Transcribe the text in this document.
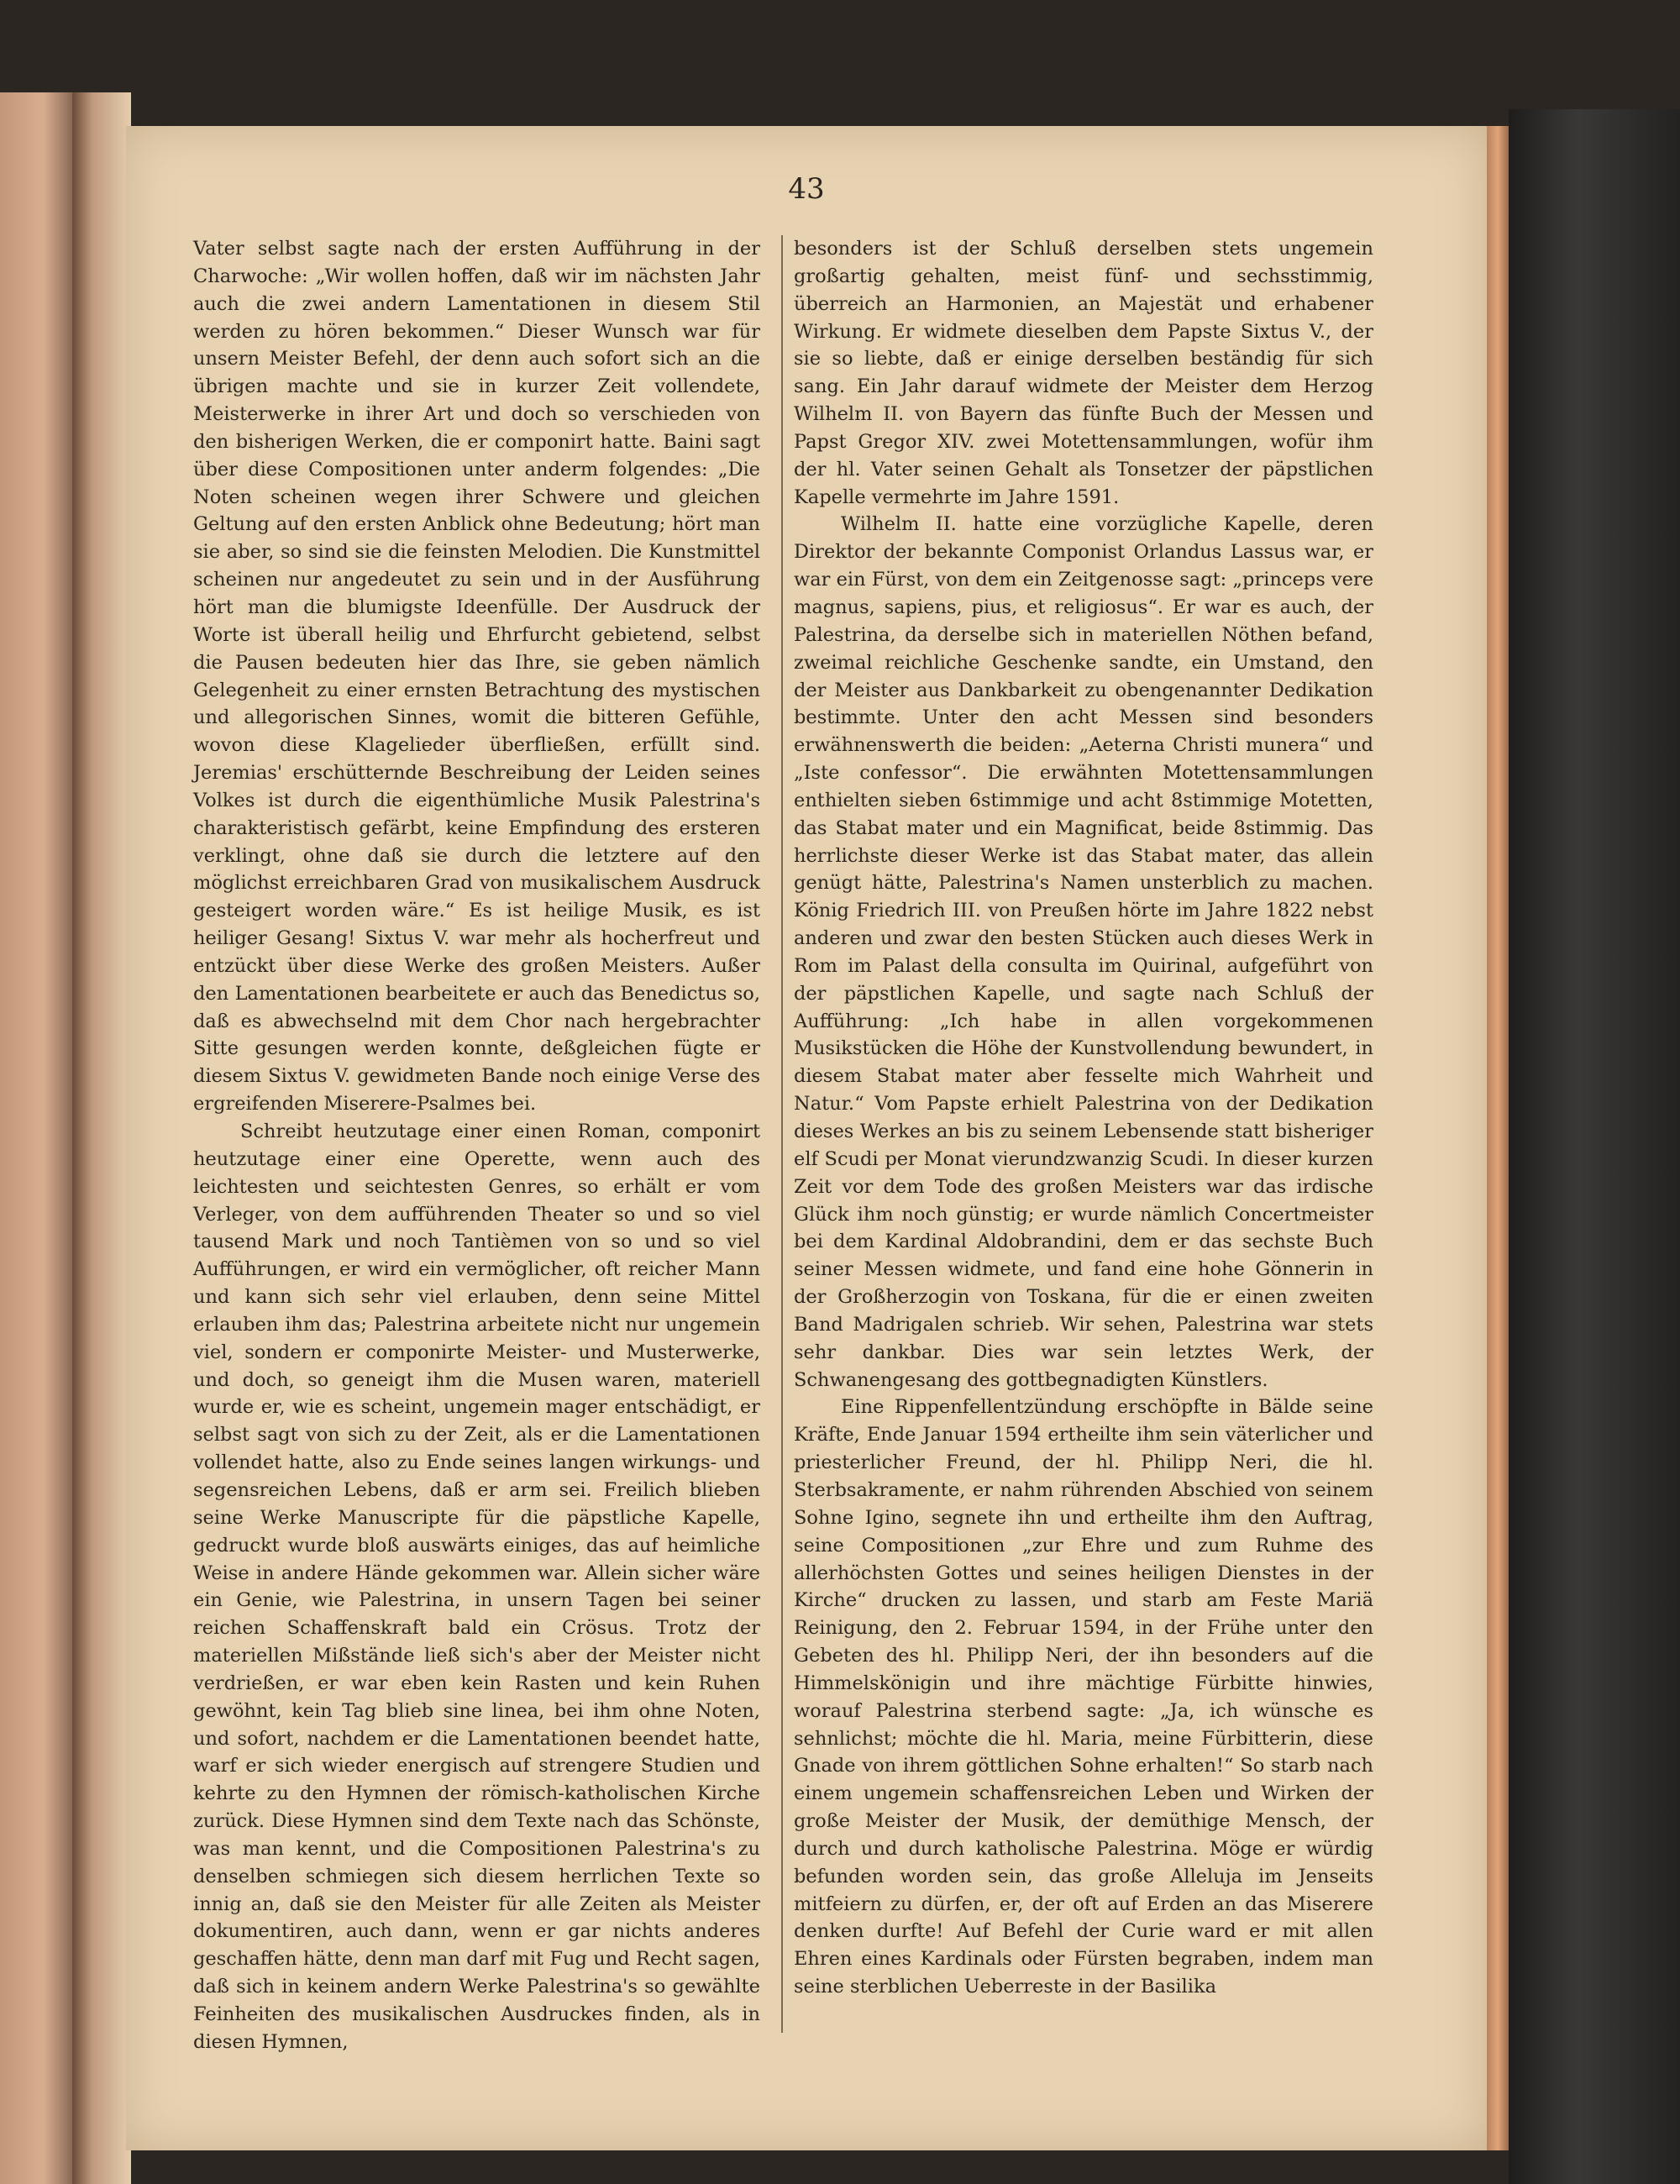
43

Vater selbst sagte nach der ersten Aufführung in der Charwoche: „Wir wollen hoffen, daß wir im nächsten Jahr auch die zwei andern Lamentationen in diesem Stil werden zu hören bekommen.“ Dieser Wunsch war für unsern Meister Befehl, der denn auch sofort sich an die übrigen machte und sie in kurzer Zeit vollendete, Meisterwerke in ihrer Art und doch so verschieden von den bisherigen Werken, die er componirt hatte. Baini sagt über diese Compositionen unter anderm folgendes: „Die Noten scheinen wegen ihrer Schwere und gleichen Geltung auf den ersten Anblick ohne Bedeutung; hört man sie aber, so sind sie die feinsten Melodien. Die Kunstmittel scheinen nur angedeutet zu sein und in der Ausführung hört man die blumigste Ideenfülle. Der Ausdruck der Worte ist überall heilig und Ehrfurcht gebietend, selbst die Pausen bedeuten hier das Ihre, sie geben nämlich Gelegenheit zu einer ernsten Betrachtung des mystischen und allegorischen Sinnes, womit die bitteren Gefühle, wovon diese Klagelieder überfließen, erfüllt sind. Jeremias' erschütternde Beschreibung der Leiden seines Volkes ist durch die eigenthümliche Musik Palestrina's charakteristisch gefärbt, keine Empfindung des ersteren verklingt, ohne daß sie durch die letztere auf den möglichst erreichbaren Grad von musikalischem Ausdruck gesteigert worden wäre.“ Es ist heilige Musik, es ist heiliger Gesang! Sixtus V. war mehr als hocherfreut und entzückt über diese Werke des großen Meisters. Außer den Lamentationen bearbeitete er auch das Benedictus so, daß es abwechselnd mit dem Chor nach hergebrachter Sitte gesungen werden konnte, deßgleichen fügte er diesem Sixtus V. gewidmeten Bande noch einige Verse des ergreifenden Miserere-Psalmes bei.

Schreibt heutzutage einer einen Roman, componirt heutzutage einer eine Operette, wenn auch des leichtesten und seichtesten Genres, so erhält er vom Verleger, von dem aufführenden Theater so und so viel tausend Mark und noch Tantièmen von so und so viel Aufführungen, er wird ein vermöglicher, oft reicher Mann und kann sich sehr viel erlauben, denn seine Mittel erlauben ihm das; Palestrina arbeitete nicht nur ungemein viel, sondern er componirte Meister- und Musterwerke, und doch, so geneigt ihm die Musen waren, materiell wurde er, wie es scheint, ungemein mager entschädigt, er selbst sagt von sich zu der Zeit, als er die Lamentationen vollendet hatte, also zu Ende seines langen wirkungs- und segensreichen Lebens, daß er arm sei. Freilich blieben seine Werke Manuscripte für die päpstliche Kapelle, gedruckt wurde bloß auswärts einiges, das auf heimliche Weise in andere Hände gekommen war. Allein sicher wäre ein Genie, wie Palestrina, in unsern Tagen bei seiner reichen Schaffenskraft bald ein Crösus. Trotz der materiellen Mißstände ließ sich's aber der Meister nicht verdrießen, er war eben kein Rasten und kein Ruhen gewöhnt, kein Tag blieb sine linea, bei ihm ohne Noten, und sofort, nachdem er die Lamentationen beendet hatte, warf er sich wieder energisch auf strengere Studien und kehrte zu den Hymnen der römisch-katholischen Kirche zurück. Diese Hymnen sind dem Texte nach das Schönste, was man kennt, und die Compositionen Palestrina's zu denselben schmiegen sich diesem herrlichen Texte so innig an, daß sie den Meister für alle Zeiten als Meister dokumentiren, auch dann, wenn er gar nichts anderes geschaffen hätte, denn man darf mit Fug und Recht sagen, daß sich in keinem andern Werke Palestrina's so gewählte Feinheiten des musikalischen Ausdruckes finden, als in diesen Hymnen,

besonders ist der Schluß derselben stets ungemein großartig gehalten, meist fünf- und sechsstimmig, überreich an Harmonien, an Majestät und erhabener Wirkung. Er widmete dieselben dem Papste Sixtus V., der sie so liebte, daß er einige derselben beständig für sich sang. Ein Jahr darauf widmete der Meister dem Herzog Wilhelm II. von Bayern das fünfte Buch der Messen und Papst Gregor XIV. zwei Motettensammlungen, wofür ihm der hl. Vater seinen Gehalt als Tonsetzer der päpstlichen Kapelle vermehrte im Jahre 1591.

Wilhelm II. hatte eine vorzügliche Kapelle, deren Direktor der bekannte Componist Orlandus Lassus war, er war ein Fürst, von dem ein Zeitgenosse sagt: „princeps vere magnus, sapiens, pius, et religiosus“. Er war es auch, der Palestrina, da derselbe sich in materiellen Nöthen befand, zweimal reichliche Geschenke sandte, ein Umstand, den der Meister aus Dankbarkeit zu obengenannter Dedikation bestimmte. Unter den acht Messen sind besonders erwähnenswerth die beiden: „Aeterna Christi munera“ und „Iste confessor“. Die erwähnten Motettensammlungen enthielten sieben 6stimmige und acht 8stimmige Motetten, das Stabat mater und ein Magnificat, beide 8stimmig. Das herrlichste dieser Werke ist das Stabat mater, das allein genügt hätte, Palestrina's Namen unsterblich zu machen. König Friedrich III. von Preußen hörte im Jahre 1822 nebst anderen und zwar den besten Stücken auch dieses Werk in Rom im Palast della consulta im Quirinal, aufgeführt von der päpstlichen Kapelle, und sagte nach Schluß der Aufführung: „Ich habe in allen vorgekommenen Musikstücken die Höhe der Kunstvollendung bewundert, in diesem Stabat mater aber fesselte mich Wahrheit und Natur.“ Vom Papste erhielt Palestrina von der Dedikation dieses Werkes an bis zu seinem Lebensende statt bisheriger elf Scudi per Monat vierundzwanzig Scudi. In dieser kurzen Zeit vor dem Tode des großen Meisters war das irdische Glück ihm noch günstig; er wurde nämlich Concertmeister bei dem Kardinal Aldobrandini, dem er das sechste Buch seiner Messen widmete, und fand eine hohe Gönnerin in der Großherzogin von Toskana, für die er einen zweiten Band Madrigalen schrieb. Wir sehen, Palestrina war stets sehr dankbar. Dies war sein letztes Werk, der Schwanengesang des gottbegnadigten Künstlers.

Eine Rippenfellentzündung erschöpfte in Bälde seine Kräfte, Ende Januar 1594 ertheilte ihm sein väterlicher und priesterlicher Freund, der hl. Philipp Neri, die hl. Sterbsakramente, er nahm rührenden Abschied von seinem Sohne Igino, segnete ihn und ertheilte ihm den Auftrag, seine Compositionen „zur Ehre und zum Ruhme des allerhöchsten Gottes und seines heiligen Dienstes in der Kirche“ drucken zu lassen, und starb am Feste Mariä Reinigung, den 2. Februar 1594, in der Frühe unter den Gebeten des hl. Philipp Neri, der ihn besonders auf die Himmelskönigin und ihre mächtige Fürbitte hinwies, worauf Palestrina sterbend sagte: „Ja, ich wünsche es sehnlichst; möchte die hl. Maria, meine Fürbitterin, diese Gnade von ihrem göttlichen Sohne erhalten!“ So starb nach einem ungemein schaffensreichen Leben und Wirken der große Meister der Musik, der demüthige Mensch, der durch und durch katholische Palestrina. Möge er würdig befunden worden sein, das große Alleluja im Jenseits mitfeiern zu dürfen, er, der oft auf Erden an das Miserere denken durfte! Auf Befehl der Curie ward er mit allen Ehren eines Kardinals oder Fürsten begraben, indem man seine sterblichen Ueberreste in der Basilika
